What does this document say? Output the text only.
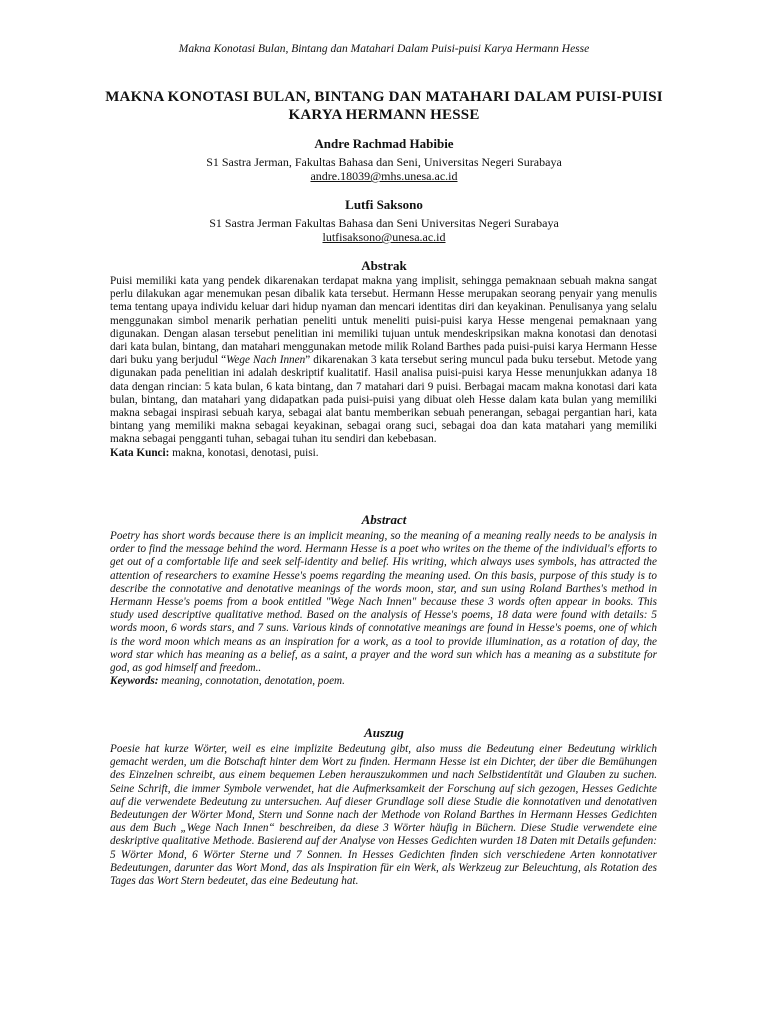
Makna Konotasi Bulan, Bintang dan Matahari Dalam Puisi-puisi Karya Hermann Hesse
MAKNA KONOTASI BULAN, BINTANG DAN MATAHARI DALAM PUISI-PUISI
KARYA HERMANN HESSE
Andre Rachmad Habibie
S1 Sastra Jerman, Fakultas Bahasa dan Seni, Universitas Negeri Surabaya
andre.18039@mhs.unesa.ac.id
Lutfi Saksono
S1 Sastra Jerman Fakultas Bahasa dan Seni Universitas Negeri Surabaya
lutfisaksono@unesa.ac.id
Abstrak
Puisi memiliki kata yang pendek dikarenakan terdapat makna yang implisit, sehingga pemaknaan sebuah makna sangat perlu dilakukan agar menemukan pesan dibalik kata tersebut. Hermann Hesse merupakan seorang penyair yang menulis tema tentang upaya individu keluar dari hidup nyaman dan mencari identitas diri dan keyakinan. Penulisanya yang selalu menggunakan simbol menarik perhatian peneliti untuk meneliti puisi-puisi karya Hesse mengenai pemaknaan yang digunakan. Dengan alasan tersebut penelitian ini memiliki tujuan untuk mendeskripsikan makna konotasi dan denotasi dari kata bulan, bintang, dan matahari menggunakan metode milik Roland Barthes pada puisi-puisi karya Hermann Hesse dari buku yang berjudul “Wege Nach Innen” dikarenakan 3 kata tersebut sering muncul pada buku tersebut. Metode yang digunakan pada penelitian ini adalah deskriptif kualitatif. Hasil analisa puisi-puisi karya Hesse menunjukkan adanya 18 data dengan rincian: 5 kata bulan, 6 kata bintang, dan 7 matahari dari 9 puisi. Berbagai macam makna konotasi dari kata bulan, bintang, dan matahari yang didapatkan pada puisi-puisi yang dibuat oleh Hesse dalam kata bulan yang memiliki makna sebagai inspirasi sebuah karya, sebagai alat bantu memberikan sebuah penerangan, sebagai pergantian hari, kata bintang yang memiliki makna sebagai keyakinan, sebagai orang suci, sebagai doa dan kata matahari yang memiliki makna sebagai pengganti tuhan, sebagai tuhan itu sendiri dan kebebasan.
Kata Kunci: makna, konotasi, denotasi, puisi.
Abstract
Poetry has short words because there is an implicit meaning, so the meaning of a meaning really needs to be analysis in order to find the message behind the word. Hermann Hesse is a poet who writes on the theme of the individual's efforts to get out of a comfortable life and seek self-identity and belief. His writing, which always uses symbols, has attracted the attention of researchers to examine Hesse's poems regarding the meaning used. On this basis, purpose of this study is to describe the connotative and denotative meanings of the words moon, star, and sun using Roland Barthes's method in Hermann Hesse's poems from a book entitled "Wege Nach Innen" because these 3 words often appear in books. This study used descriptive qualitative method. Based on the analysis of Hesse's poems, 18 data were found with details: 5 words moon, 6 words stars, and 7 suns. Various kinds of connotative meanings are found in Hesse's poems, one of which is the word moon which means as an inspiration for a work, as a tool to provide illumination, as a rotation of day, the word star which has meaning as a belief, as a saint, a prayer and the word sun which has a meaning as a substitute for god, as god himself and freedom..
Keywords: meaning, connotation, denotation, poem.
Auszug
Poesie hat kurze Wörter, weil es eine implizite Bedeutung gibt, also muss die Bedeutung einer Bedeutung wirklich gemacht werden, um die Botschaft hinter dem Wort zu finden. Hermann Hesse ist ein Dichter, der über die Bemühungen des Einzelnen schreibt, aus einem bequemen Leben herauszukommen und nach Selbstidentität und Glauben zu suchen. Seine Schrift, die immer Symbole verwendet, hat die Aufmerksamkeit der Forschung auf sich gezogen, Hesses Gedichte auf die verwendete Bedeutung zu untersuchen. Auf dieser Grundlage soll diese Studie die konnotativen und denotativen Bedeutungen der Wörter Mond, Stern und Sonne nach der Methode von Roland Barthes in Hermann Hesses Gedichten aus dem Buch „Wege Nach Innen“ beschreiben, da diese 3 Wörter häufig in Büchern. Diese Studie verwendete eine deskriptive qualitative Methode. Basierend auf der Analyse von Hesses Gedichten wurden 18 Daten mit Details gefunden: 5 Wörter Mond, 6 Wörter Sterne und 7 Sonnen. In Hesses Gedichten finden sich verschiedene Arten konnotativer Bedeutungen, darunter das Wort Mond, das als Inspiration für ein Werk, als Werkzeug zur Beleuchtung, als Rotation des Tages das Wort Stern bedeutet, das eine Bedeutung hat.
